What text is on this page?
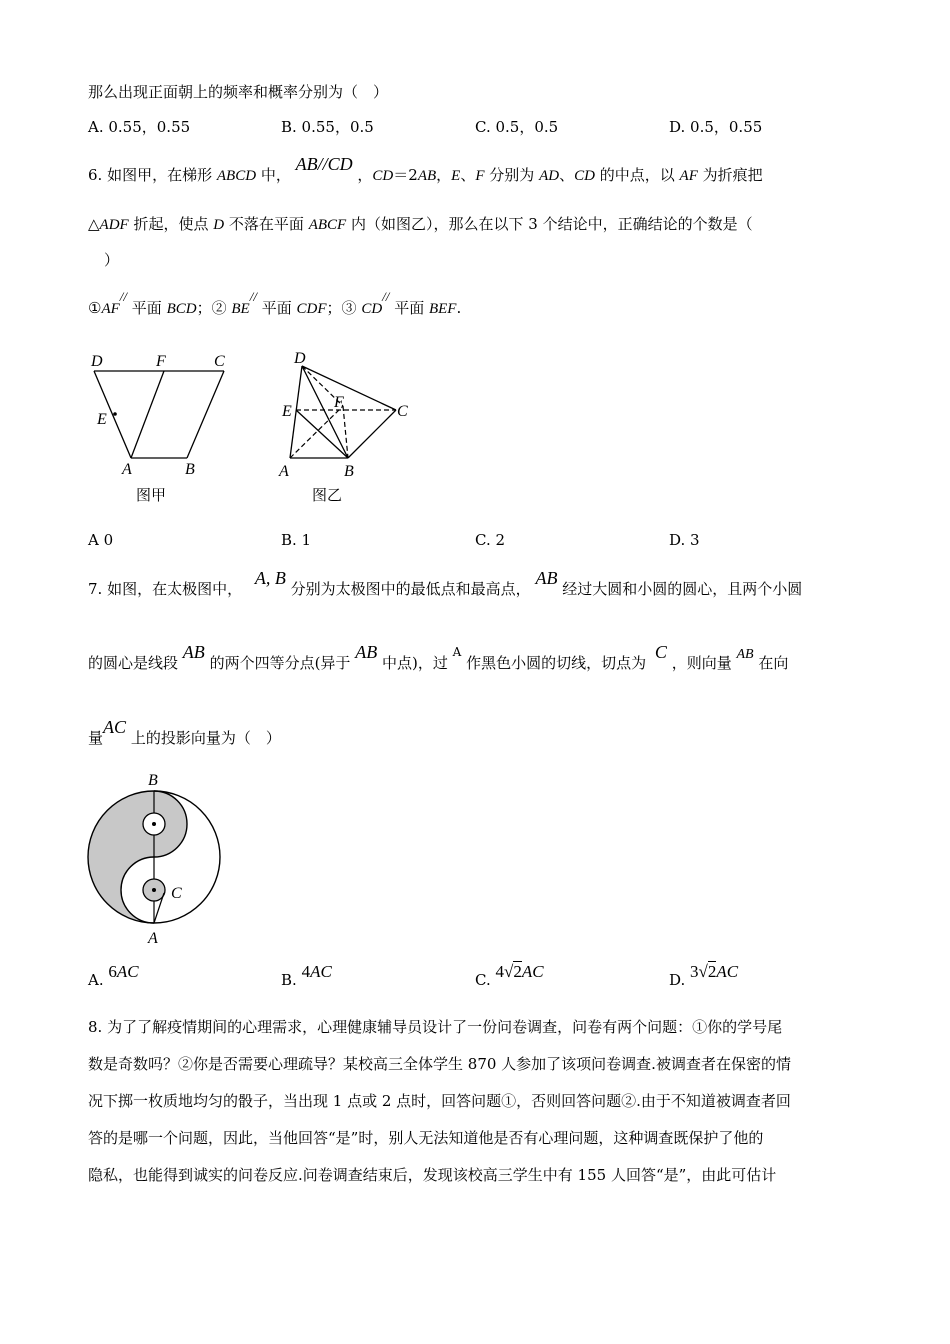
那么出现正面朝上的频率和概率分别为（　）
A. 0.55，0.55	B. 0.55，0.5	C. 0.5，0.5	D. 0.5，0.55
6. 如图甲，在梯形 ABCD 中， AB//CD ，CD＝2AB，E、F 分别为 AD、CD 的中点，以 AF 为折痕把
△ADF 折起，使点 D 不落在平面 ABCF 内（如图乙），那么在以下 3 个结论中，正确结论的个数是（
）
①AF// 平面 BCD；② BE// 平面 CDF；③ CD// 平面 BEF.
D	F	C
E
A	B
图甲
D
E
F
C
A	B
图乙
A 0	B. 1	C. 2	D. 3
7. 如图，在太极图中， A, B 分别为太极图中的最低点和最高点， AB 经过大圆和小圆的圆心，且两个小圆
的圆心是线段 AB 的两个四等分点(异于 AB 中点)，过 $^A$ 作黑色小圆的切线，切点为 C ，则向量 AB 在向
量AC 上的投影向量为（　）
B
C
A
A. 6AC	B. 4AC	C. 4√2AC	D. 3√2AC
8. 为了了解疫情期间的心理需求，心理健康辅导员设计了一份问卷调查，问卷有两个问题：①你的学号尾
数是奇数吗？②你是否需要心理疏导？某校高三全体学生 870 人参加了该项问卷调查.被调查者在保密的情
况下掷一枚质地均匀的骰子，当出现 1 点或 2 点时，回答问题①，否则回答问题②.由于不知道被调查者回
答的是哪一个问题，因此，当他回答“是”时，别人无法知道他是否有心理问题，这种调查既保护了他的
隐私，也能得到诚实的问卷反应.问卷调查结束后，发现该校高三学生中有 155 人回答“是”，由此可估计
